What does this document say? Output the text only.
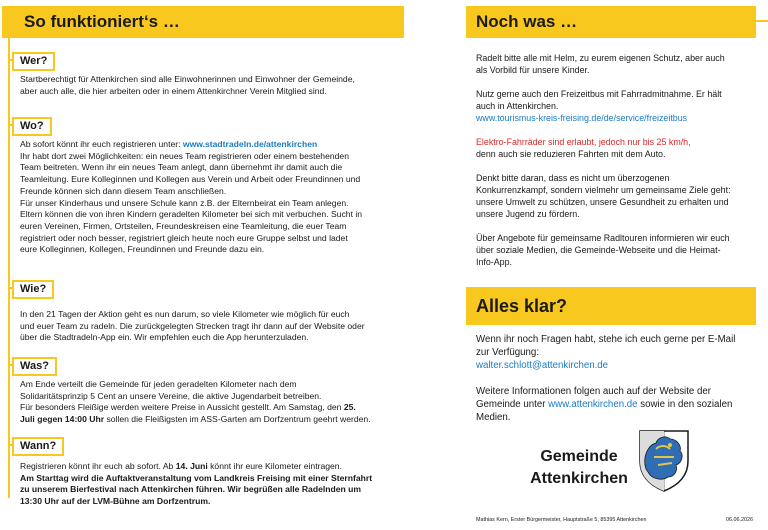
So funktioniert‘s …
Wer?
Startberechtigt für Attenkirchen sind alle Einwohnerinnen und Einwohner der Gemeinde,
aber auch alle, die hier arbeiten oder in einem Attenkirchner Verein Mitglied sind.
Wo?
Ab sofort könnt ihr euch registrieren unter: www.stadtradeln.de/attenkirchen
Ihr habt dort zwei Möglichkeiten: ein neues Team registrieren oder einem bestehenden
Team beitreten. Wenn ihr ein neues Team anlegt, dann übernehmt ihr damit auch die
Teamleitung. Eure Kolleginnen und Kollegen aus Verein und Arbeit oder Freundinnen und
Freunde können sich dann diesem Team anschließen.
Für unser Kinderhaus und unsere Schule kann z.B. der Elternbeirat ein Team anlegen.
Eltern können die von ihren Kindern geradelten Kilometer bei sich mit verbuchen. Sucht in
euren Vereinen, Firmen, Ortsteilen, Freundeskreisen eine Teamleitung, die euer Team
registriert oder noch besser, registriert gleich heute noch eure Gruppe selbst und ladet
eure Kolleginnen, Kollegen, Freundinnen und Freunde dazu ein.
Wie?
In den 21 Tagen der Aktion geht es nun darum, so viele Kilometer wie möglich für euch
und euer Team zu radeln. Die zurückgelegten Strecken tragt ihr dann auf der Website oder
über die Stadtradeln-App ein. Wir empfehlen euch die App herunterzuladen.
Was?
Am Ende verteilt die Gemeinde für jeden geradelten Kilometer nach dem
Solidaritätsprinzip 5 Cent an unsere Vereine, die aktive Jugendarbeit betreiben.
Für besonders Fleißige werden weitere Preise in Aussicht gestellt. Am Samstag, den 25.
Juli gegen 14:00 Uhr sollen die Fleißigsten im ASS-Garten am Dorfzentrum geehrt werden.
Wann?
Registrieren könnt ihr euch ab sofort. Ab 14. Juni könnt ihr eure Kilometer eintragen.
Am Starttag wird die Auftaktveranstaltung vom Landkreis Freising mit einer Sternfahrt
zu unserem Bierfestival nach Attenkirchen führen. Wir begrüßen alle Radelnden um
13:30 Uhr auf der LVM-Bühne am Dorfzentrum.
Noch was …

Radelt bitte alle mit Helm, zu eurem eigenen Schutz, aber auch als Vorbild für unsere Kinder.

Nutz gerne auch den Freizeitbus mit Fahrradmitnahme. Er hält auch in Attenkirchen.

www.tourismus-kreis-freising.de/de/service/freizeitbus

Elektro-Fahrräder sind erlaubt, jedoch nur bis 25 km/h,
denn auch sie reduzieren Fahrten mit dem Auto.

Denkt bitte daran, dass es nicht um überzogenen Konkurrenzkampf, sondern vielmehr um gemeinsame Ziele geht: unsere Umwelt zu schützen, unsere Gesundheit zu erhalten und unsere Jugend zu fördern.

Über Angebote für gemeinsame Radltouren informieren wir euch über soziale Medien, die Gemeinde-Webseite und die Heimat-Info-App.

Alles klar?

Wenn ihr noch Fragen habt, stehe ich euch gerne per E-Mail zur Verfügung:

walter.schlott@attenkirchen.de

Weitere Informationen folgen auch auf der Website der Gemeinde unter www.attenkirchen.de sowie in den sozialen Medien.

Gemeinde
Attenkirchen
Mathias Kern, Erster Bürgermeister, Hauptstraße 5, 85395 Attenkirchen	06.06.2026
